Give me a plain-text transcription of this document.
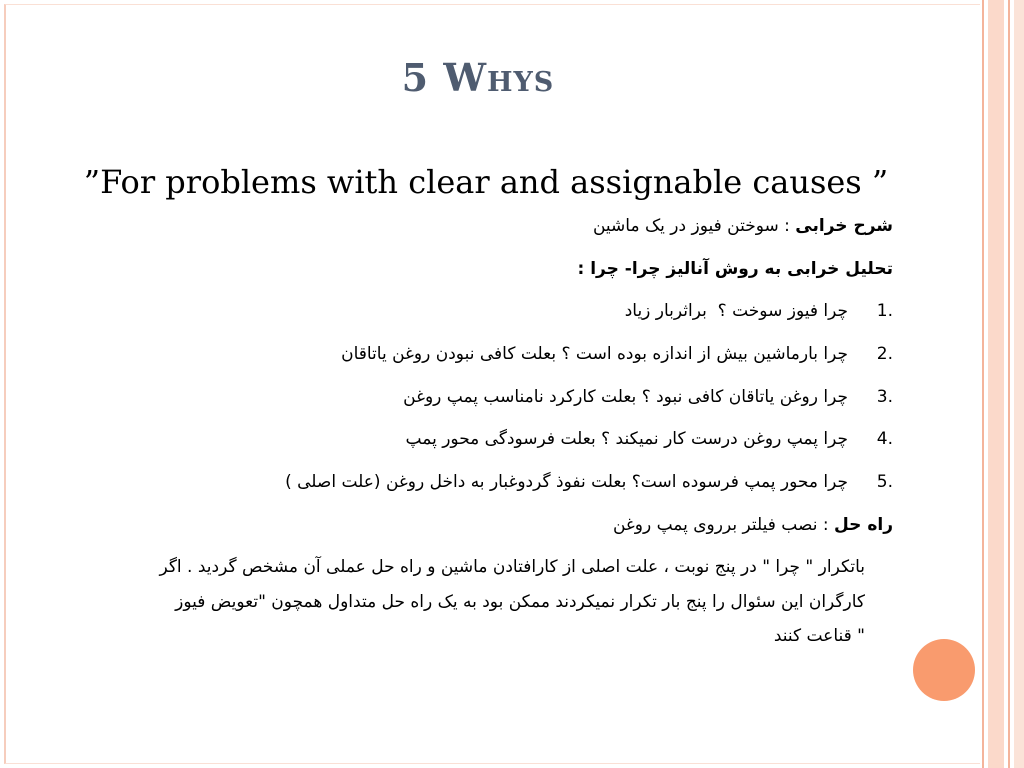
5 Whys
”For problems with clear and assignable causes ”
شرح خرابی : سوختن فیوز در یک ماشین
تحلیل خرابی به روش آنالیز چرا- چرا :
1.
چرا فیوز سوخت ؟  براثربار زیاد
2.
چرا بارماشین بیش از اندازه بوده است ؟ بعلت کافی نبودن روغن یاتاقان
3.
چرا روغن یاتاقان کافی نبود ؟ بعلت کارکرد نامناسب پمپ روغن
4.
چرا پمپ روغن درست کار نمیکند ؟ بعلت فرسودگی محور پمپ
5.
چرا محور پمپ فرسوده است؟ بعلت نفوذ گردوغبار به داخل روغن (علت اصلی )
راه حل : نصب فیلتر برروی پمپ روغن
باتکرار " چرا " در پنج نوبت ، علت اصلی از کارافتادن ماشین و راه حل عملی آن مشخص گردید . اگر
کارگران این سئوال را پنج بار تکرار نمیکردند ممکن بود به یک راه حل متداول همچون "تعویض فیوز
" قناعت کنند
